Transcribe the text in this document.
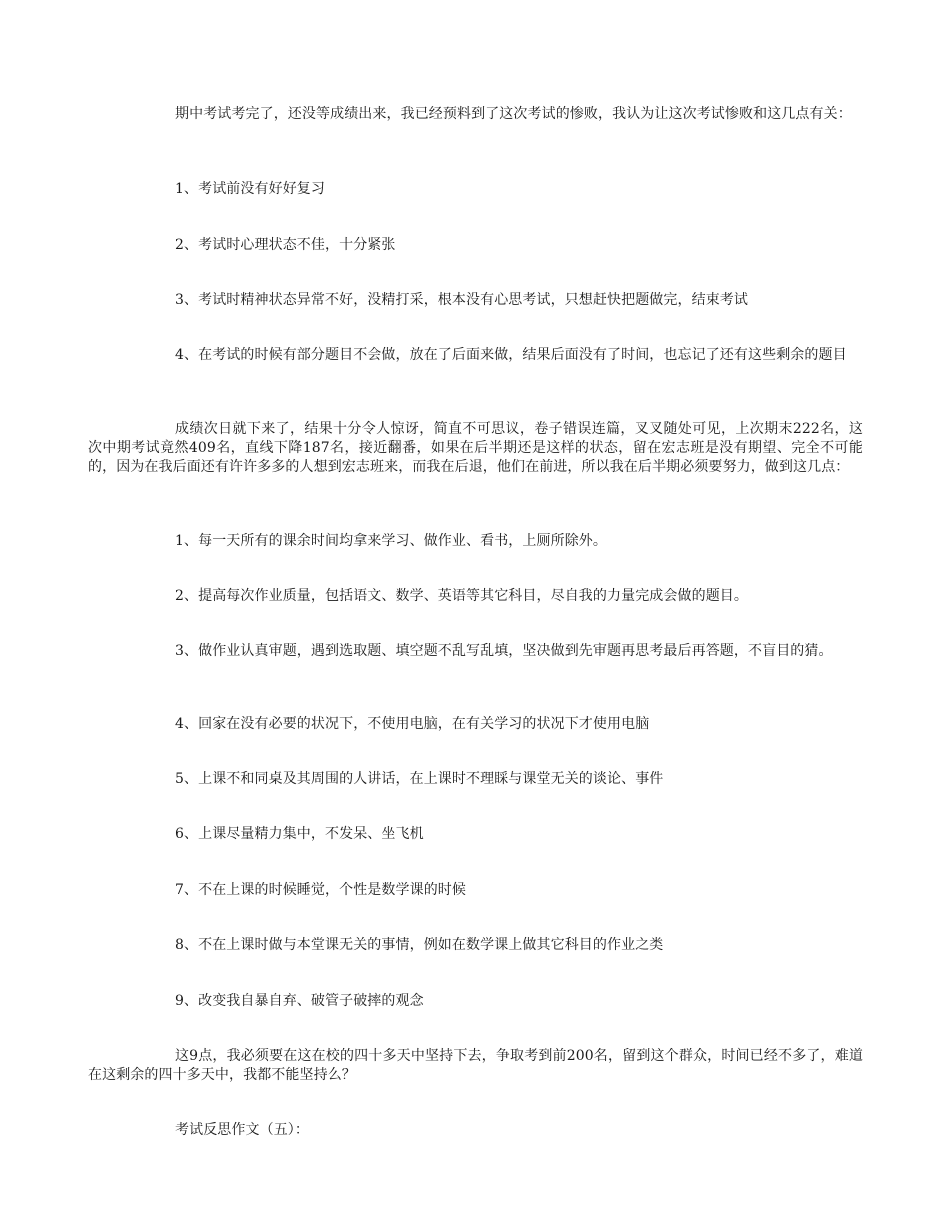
期中考试考完了，还没等成绩出来，我已经预料到了这次考试的惨败，我认为让这次考试惨败和这几点有关：

1、考试前没有好好复习

2、考试时心理状态不佳，十分紧张

3、考试时精神状态异常不好，没精打采，根本没有心思考试，只想赶快把题做完，结束考试

4、在考试的时候有部分题目不会做，放在了后面来做，结果后面没有了时间，也忘记了还有这些剩余的题目

成绩次日就下来了，结果十分令人惊讶，简直不可思议，卷子错误连篇，叉叉随处可见，上次期末222名，这次中期考试竟然409名，直线下降187名，接近翻番，如果在后半期还是这样的状态，留在宏志班是没有期望、完全不可能的，因为在我后面还有许许多多的人想到宏志班来，而我在后退，他们在前进，所以我在后半期必须要努力，做到这几点：

1、每一天所有的课余时间均拿来学习、做作业、看书，上厕所除外。

2、提高每次作业质量，包括语文、数学、英语等其它科目，尽自我的力量完成会做的题目。

3、做作业认真审题，遇到选取题、填空题不乱写乱填，坚决做到先审题再思考最后再答题，不盲目的猜。

4、回家在没有必要的状况下，不使用电脑，在有关学习的状况下才使用电脑

5、上课不和同桌及其周围的人讲话，在上课时不理睬与课堂无关的谈论、事件

6、上课尽量精力集中，不发呆、坐飞机

7、不在上课的时候睡觉，个性是数学课的时候

8、不在上课时做与本堂课无关的事情，例如在数学课上做其它科目的作业之类

9、改变我自暴自弃、破管子破摔的观念

这9点，我必须要在这在校的四十多天中坚持下去，争取考到前200名，留到这个群众，时间已经不多了，难道在这剩余的四十多天中，我都不能坚持么？

考试反思作文（五）：
